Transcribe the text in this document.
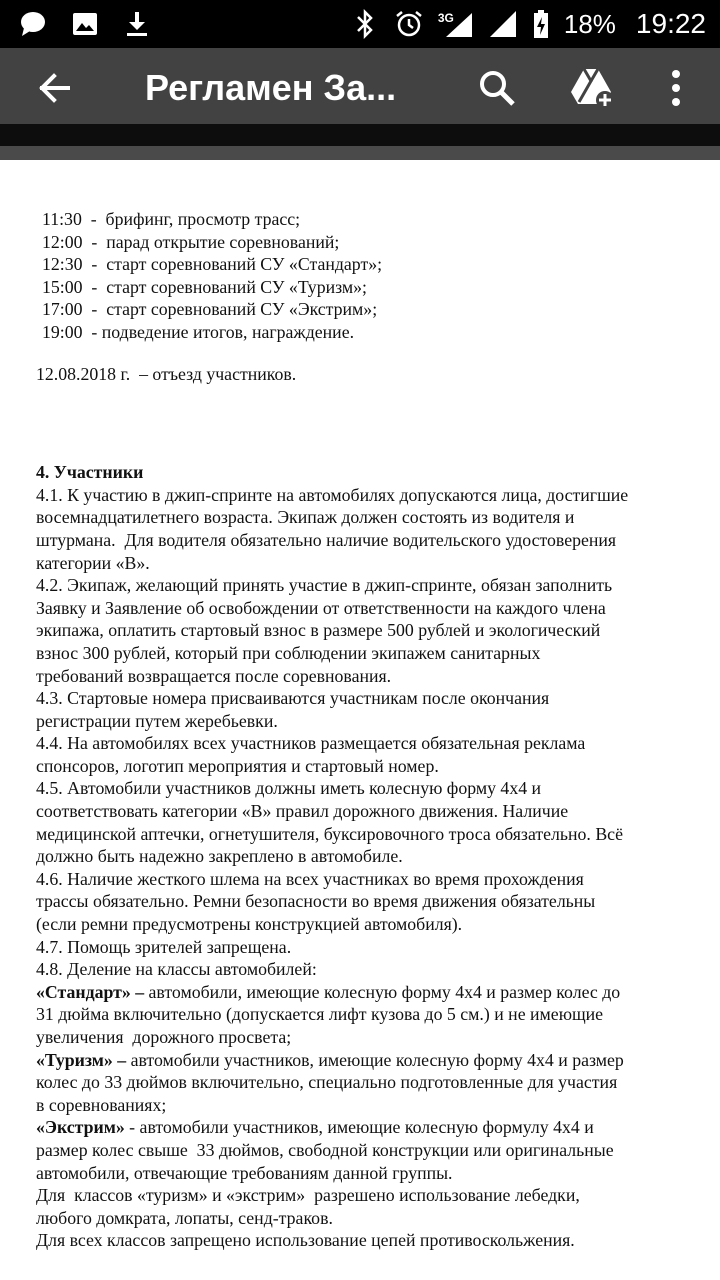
3G	18% 19:22
Регламен За...
11:30  -  брифинг, просмотр трасс;
12:00  -  парад открытие соревнований;
12:30  -  старт соревнований СУ «Стандарт»;
15:00  -  старт соревнований СУ «Туризм»;
17:00  -  старт соревнований СУ «Экстрим»;
19:00  - подведение итогов, награждение.
12.08.2018 г.  – отъезд участников.
4. Участники
4.1. К участию в джип-спринте на автомобилях допускаются лица, достигшие
восемнадцатилетнего возраста. Экипаж должен состоять из водителя и
штурмана.  Для водителя обязательно наличие водительского удостоверения
категории «В».
4.2. Экипаж, желающий принять участие в джип-спринте, обязан заполнить
Заявку и Заявление об освобождении от ответственности на каждого члена
экипажа, оплатить стартовый взнос в размере 500 рублей и экологический
взнос 300 рублей, который при соблюдении экипажем санитарных
требований возвращается после соревнования.
4.3. Стартовые номера присваиваются участникам после окончания
регистрации путем жеребьевки.
4.4. На автомобилях всех участников размещается обязательная реклама
спонсоров, логотип мероприятия и стартовый номер.
4.5. Автомобили участников должны иметь колесную форму 4х4 и
соответствовать категории «В» правил дорожного движения. Наличие
медицинской аптечки, огнетушителя, буксировочного троса обязательно. Всё
должно быть надежно закреплено в автомобиле.
4.6. Наличие жесткого шлема на всех участниках во время прохождения
трассы обязательно. Ремни безопасности во время движения обязательны
(если ремни предусмотрены конструкцией автомобиля).
4.7. Помощь зрителей запрещена.
4.8. Деление на классы автомобилей:
«Стандарт» – автомобили, имеющие колесную форму 4х4 и размер колес до
31 дюйма включительно (допускается лифт кузова до 5 см.) и не имеющие
увеличения  дорожного просвета;
«Туризм» – автомобили участников, имеющие колесную форму 4х4 и размер
колес до 33 дюймов включительно, специально подготовленные для участия
в соревнованиях;
«Экстрим» - автомобили участников, имеющие колесную формулу 4х4 и
размер колес свыше  33 дюймов, свободной конструкции или оригинальные
автомобили, отвечающие требованиям данной группы.
Для  классов «туризм» и «экстрим»  разрешено использование лебедки,
любого домкрата, лопаты, сенд-траков.
Для всех классов запрещено использование цепей противоскольжения.
